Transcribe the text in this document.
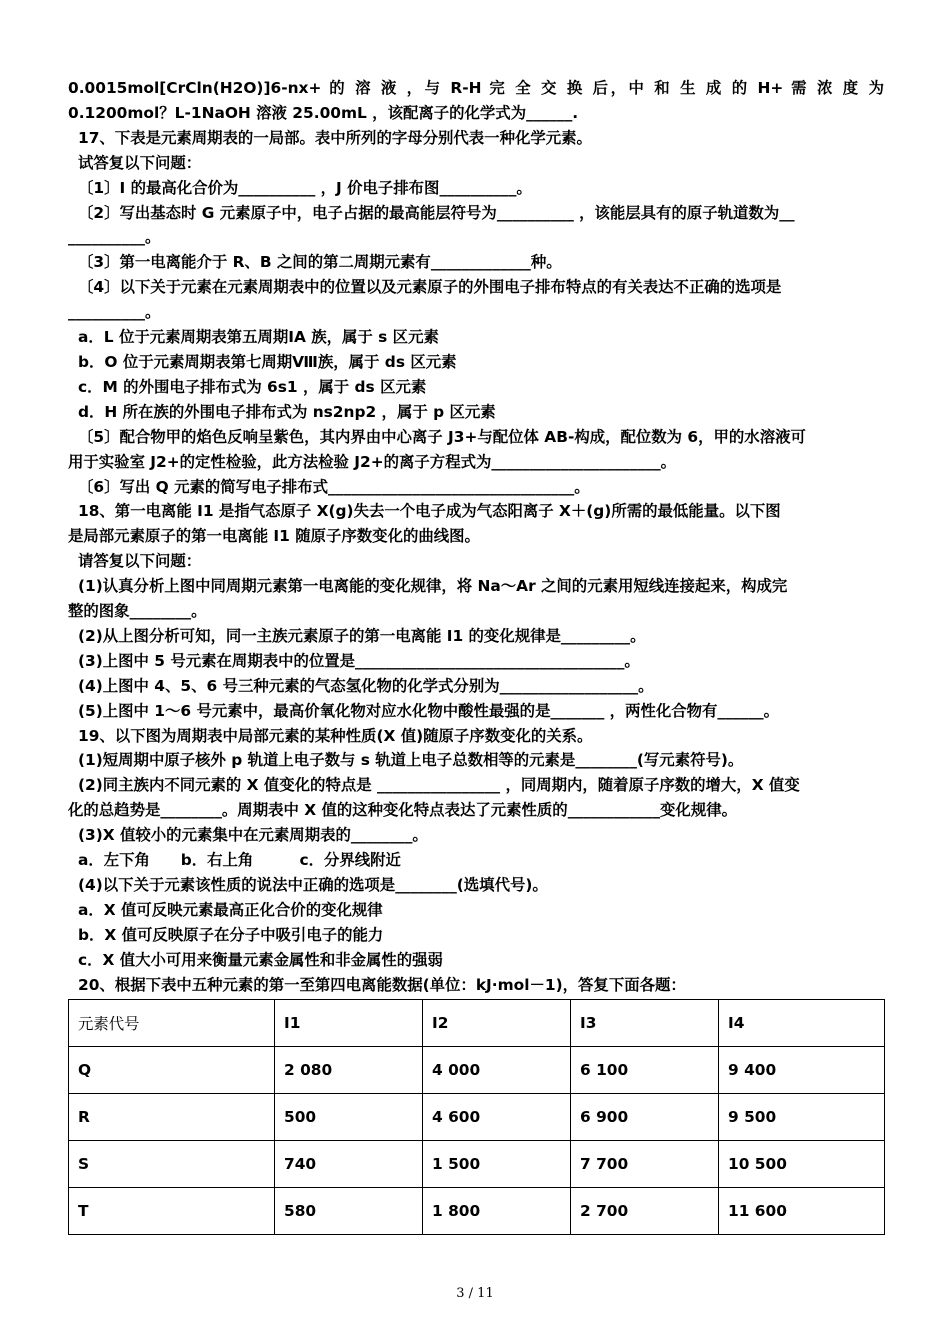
0.0015mol[CrCln(H2O)]6-nx+ 的 溶 液 ，与 R-H 完 全 交 换 后，中 和 生 成 的 H+ 需 浓 度 为
0.1200mol？L-1NaOH 溶液 25.00mL ，该配离子的化学式为______.
17、下表是元素周期表的一局部。表中所列的字母分别代表一种化学元素。
试答复以下问题：
〔1〕I 的最高化合价为__________ ，J 价电子排布图__________。
〔2〕写出基态时 G 元素原子中，电子占据的最高能层符号为__________ ，该能层具有的原子轨道数为__
__________。
〔3〕第一电离能介于 R、B 之间的第二周期元素有_____________种。
〔4〕以下关于元素在元素周期表中的位置以及元素原子的外围电子排布特点的有关表达不正确的选项是
__________。
a．L 位于元素周期表第五周期ⅠA 族，属于 s 区元素
b．O 位于元素周期表第七周期Ⅷ族，属于 ds 区元素
c．M 的外围电子排布式为 6s1 ，属于 ds 区元素
d．H 所在族的外围电子排布式为 ns2np2 ，属于 p 区元素
〔5〕配合物甲的焰色反响呈紫色，其内界由中心离子 J3+与配位体 AB-构成，配位数为 6，甲的水溶液可
用于实验室 J2+的定性检验，此方法检验 J2+的离子方程式为______________________。
〔6〕写出 Q 元素的简写电子排布式________________________________。
18、第一电离能 I1 是指气态原子 X(g)失去一个电子成为气态阳离子 X＋(g)所需的最低能量。以下图
是局部元素原子的第一电离能 I1 随原子序数变化的曲线图。
请答复以下问题：
(1)认真分析上图中同周期元素第一电离能的变化规律，将 Na～Ar 之间的元素用短线连接起来，构成完
整的图象________。
(2)从上图分析可知，同一主族元素原子的第一电离能 I1 的变化规律是_________。
(3)上图中 5 号元素在周期表中的位置是___________________________________。
(4)上图中 4、5、6 号三种元素的气态氢化物的化学式分别为__________________。
(5)上图中 1～6 号元素中，最高价氧化物对应水化物中酸性最强的是_______ ，两性化合物有______。
19、以下图为周期表中局部元素的某种性质(X 值)随原子序数变化的关系。
(1)短周期中原子核外 p 轨道上电子数与 s 轨道上电子总数相等的元素是________(写元素符号)。
(2)同主族内不同元素的 X 值变化的特点是 ________________ ，同周期内，随着原子序数的增大，X 值变
化的总趋势是________。周期表中 X 值的这种变化特点表达了元素性质的____________变化规律。
(3)X 值较小的元素集中在元素周期表的________。
a．左下角　　b．右上角　　　c．分界线附近
(4)以下关于元素该性质的说法中正确的选项是________(选填代号)。
a．X 值可反映元素最高正化合价的变化规律
b．X 值可反映原子在分子中吸引电子的能力
c．X 值大小可用来衡量元素金属性和非金属性的强弱
20、根据下表中五种元素的第一至第四电离能数据(单位：kJ·mol－1)，答复下面各题：
元素代号	I1	I2	I3	I4
Q	2 080	4 000	6 100	9 400
R	500	4 600	6 900	9 500
S	740	1 500	7 700	10 500
T	580	1 800	2 700	11 600
3 / 11
